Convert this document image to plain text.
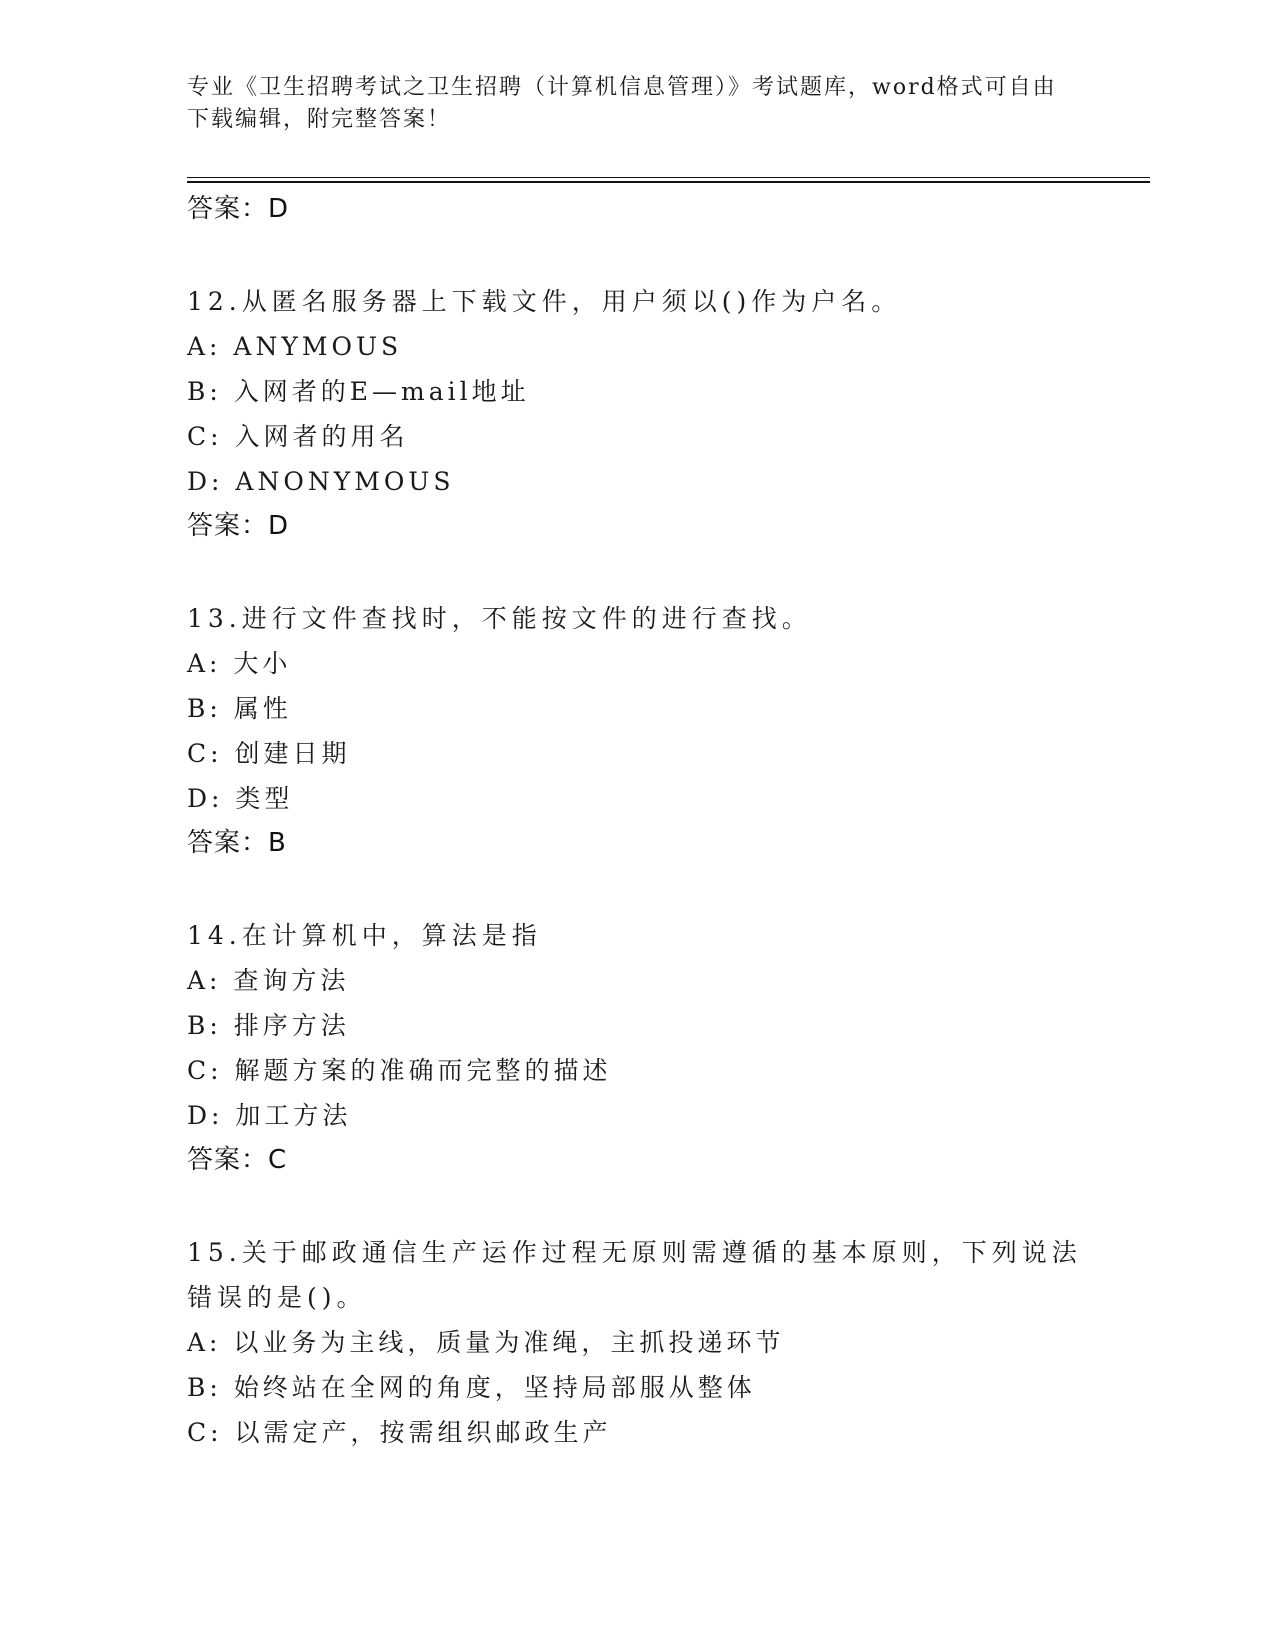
专业《卫生招聘考试之卫生招聘（计算机信息管理）》考试题库，word格式可自由下载编辑，附完整答案！
答案：D

12.从匿名服务器上下载文件，用户须以()作为户名。

A: ANYMOUS

B: 入网者的E—mail地址

C: 入网者的用名

D: ANONYMOUS

答案：D

13.进行文件查找时，不能按文件的进行查找。

A: 大小

B: 属性

C: 创建日期

D: 类型

答案：B

14.在计算机中，算法是指

A: 查询方法

B: 排序方法

C: 解题方案的准确而完整的描述

D: 加工方法

答案：C

15.关于邮政通信生产运作过程无原则需遵循的基本原则，下列说法错误的是()。

A: 以业务为主线，质量为准绳，主抓投递环节

B: 始终站在全网的角度，坚持局部服从整体

C: 以需定产，按需组织邮政生产
